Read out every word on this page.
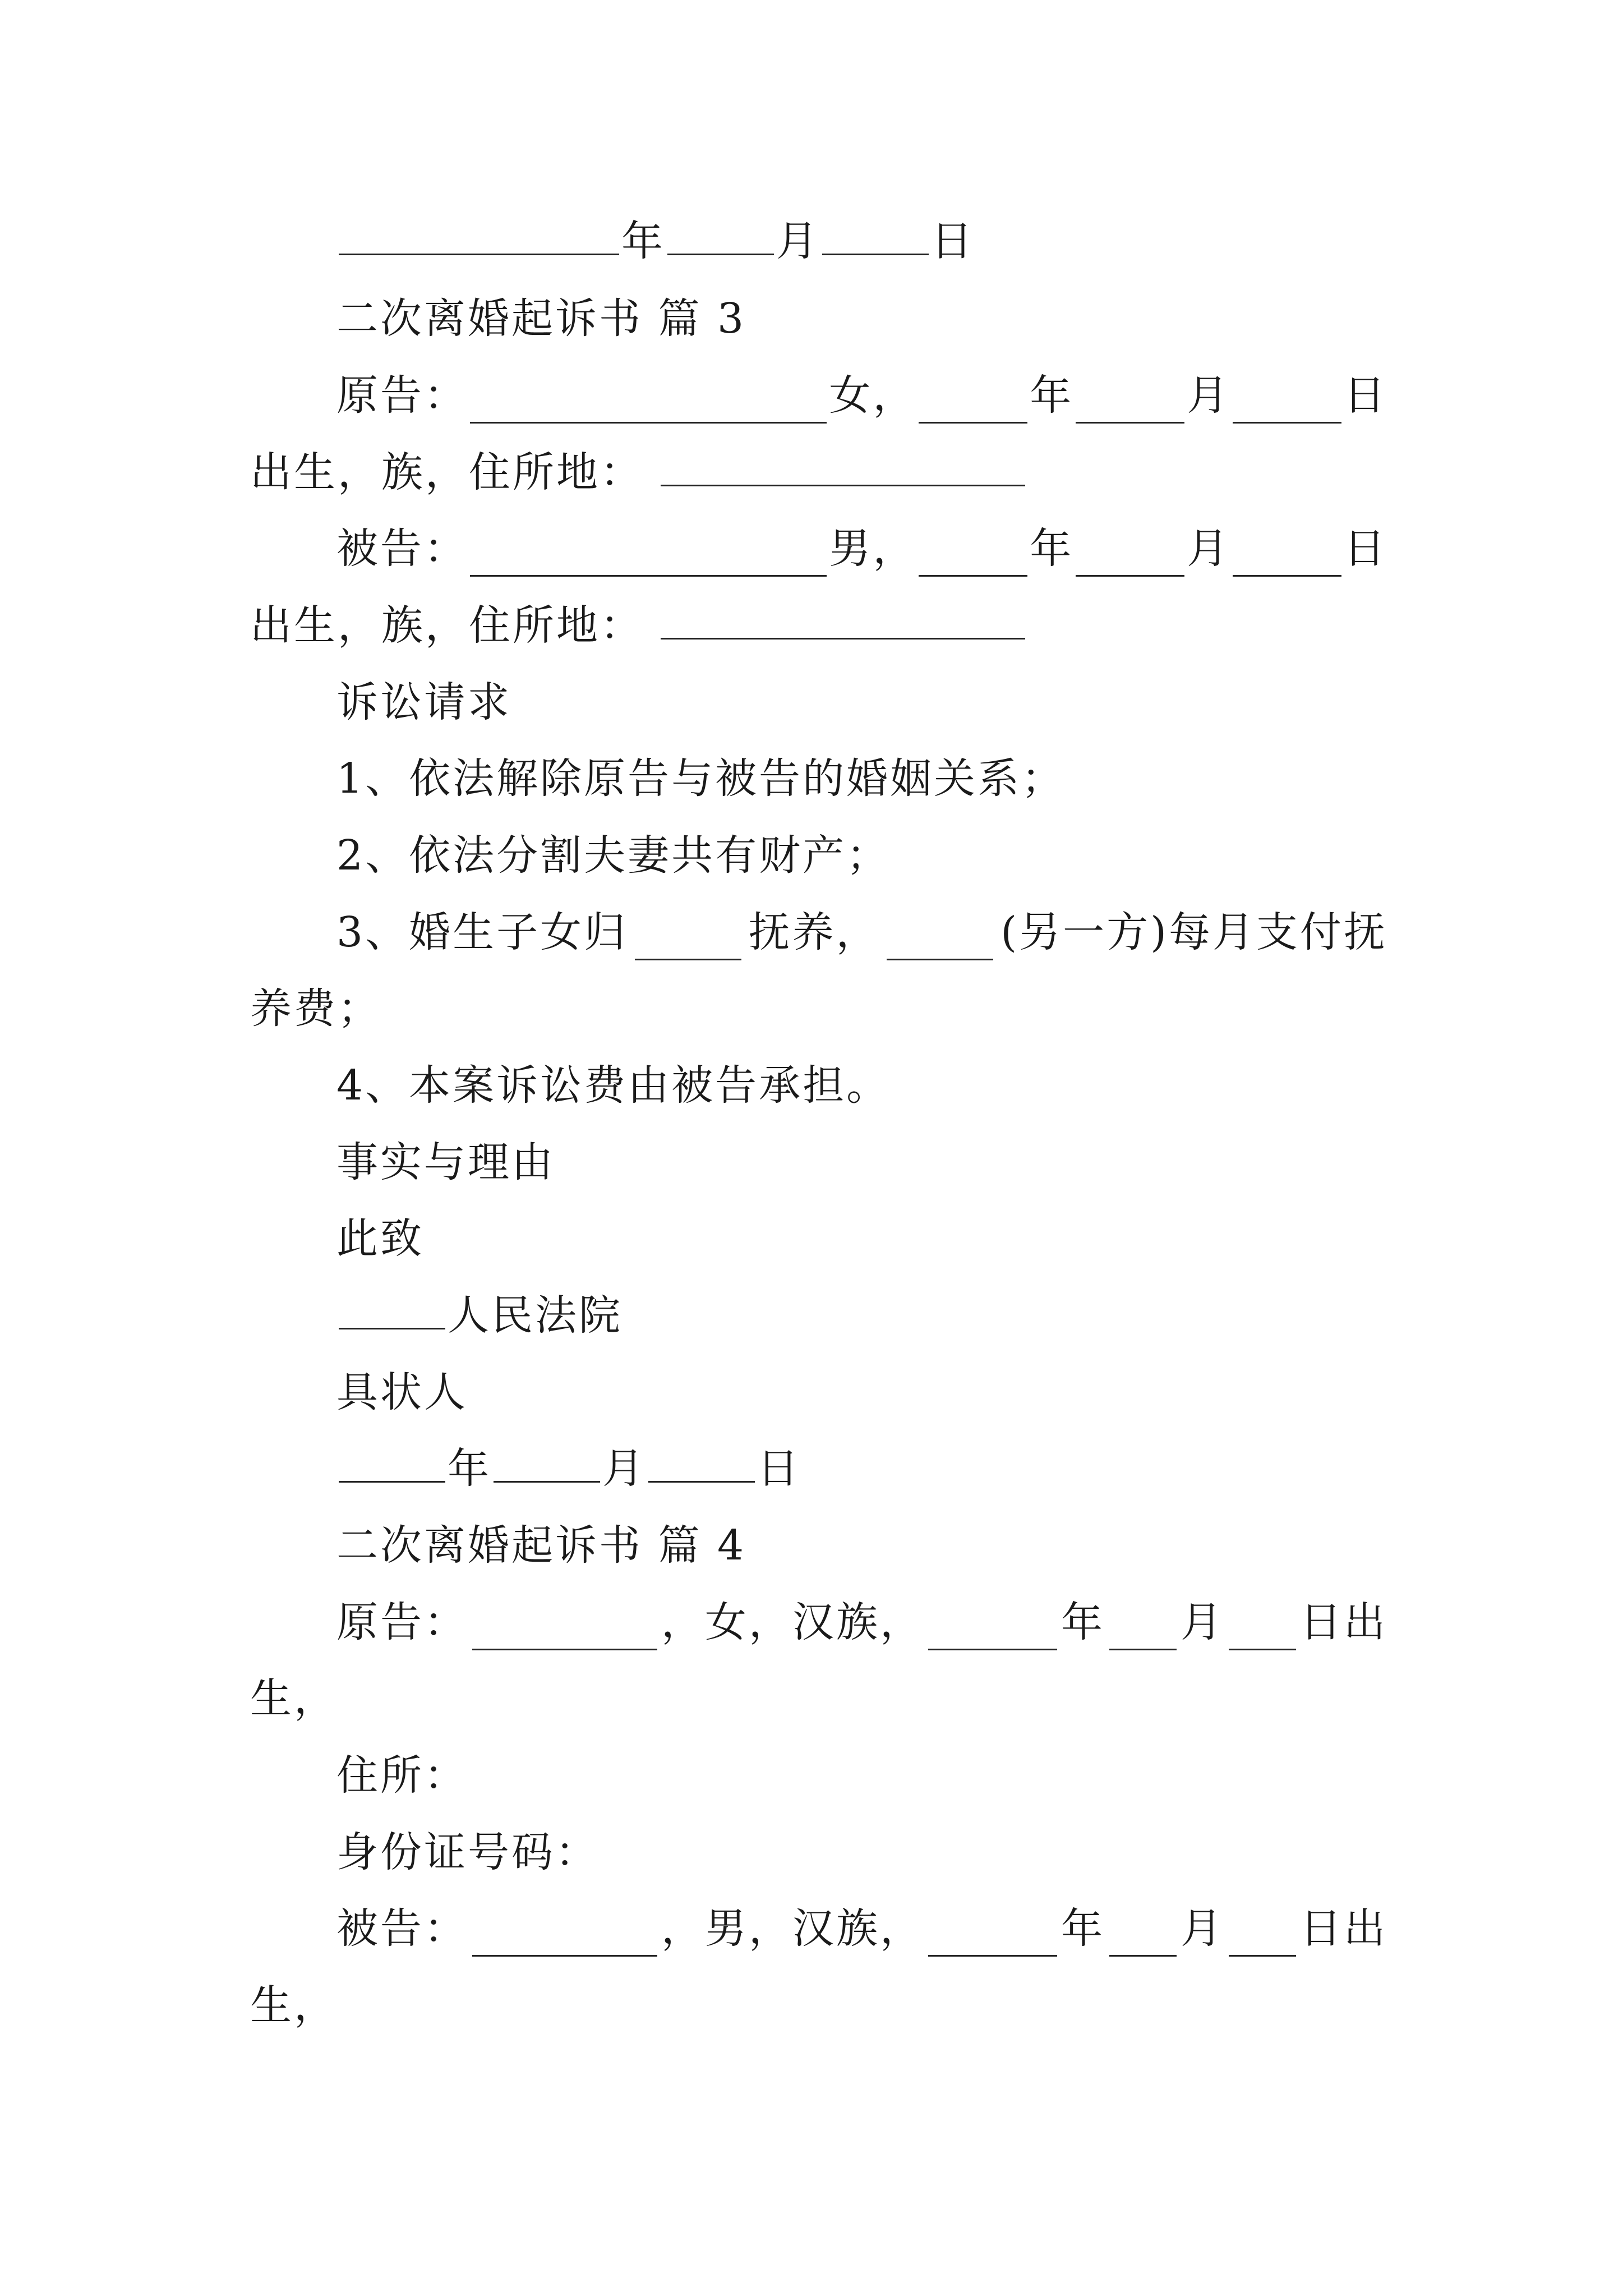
年	月	日
二次离婚起诉书 篇 3
原告：	女，	年	月	日
出生，族，住所地：
被告：	男，	年	月	日
出生，族，住所地：
诉讼请求
1、依法解除原告与被告的婚姻关系；
2、依法分割夫妻共有财产；
3、婚生子女归	抚养，	(另一方)每月支付抚
养费；
4、本案诉讼费由被告承担。
事实与理由
此致
人民法院
具状人
年	月	日
二次离婚起诉书 篇 4
原告：	，女，汉族，	年 月 日出
生，
住所：
身份证号码：
被告：	，男，汉族，	年 月 日出
生，
